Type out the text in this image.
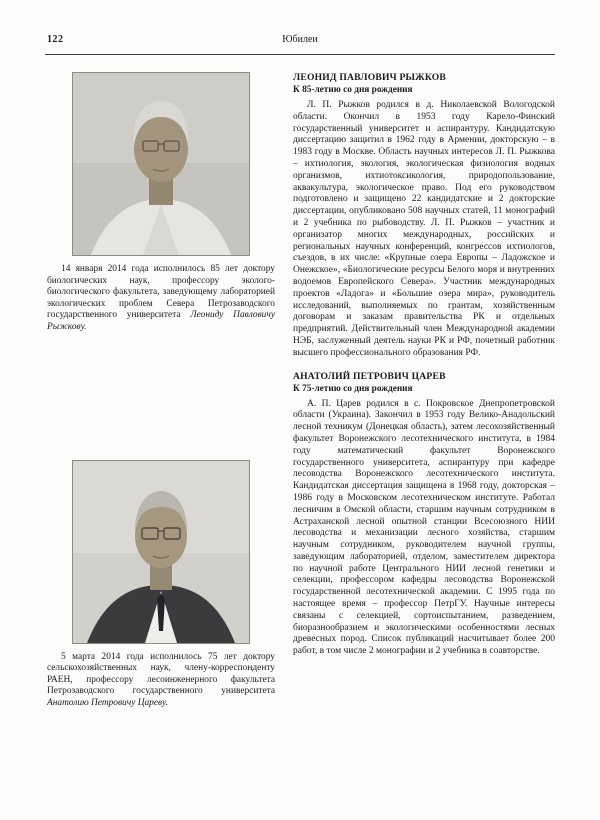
122	Юбилеи

14 января 2014 года исполнилось 85 лет доктору биологических наук, профессору эколого-биологического факультета, заведующему лабораторией экологических проблем Севера Петрозаводского государственного университета Леониду Павловичу Рыжкову.

5 марта 2014 года исполнилось 75 лет доктору сельскохозяйственных наук, члену-корреспонденту РАЕН, профессору лесоинженерного факультета Петрозаводского государственного университета Анатолию Петровичу Цареву.

ЛЕОНИД ПАВЛОВИЧ РЫЖКОВ
К 85-летию со дня рождения

Л. П. Рыжков родился в д. Николаевской Вологодской области. Окончил в 1953 году Карело-Финский государственный университет и аспирантуру. Кандидатскую диссертацию защитил в 1962 году в Армении, докторскую – в 1983 году в Москве. Область научных интересов Л. П. Рыжкова – ихтиология, экология, экологическая физиология водных организмов, ихтиотоксикология, природопользование, аквакультура, экологическое право. Под его руководством подготовлено и защищено 22 кандидатские и 2 докторские диссертации, опубликовано 508 научных статей, 11 монографий и 2 учебника по рыбоводству. Л. П. Рыжков – участник и организатор многих международных, российских и региональных научных конференций, конгрессов ихтиологов, съездов, в их числе: «Крупные озера Европы – Ладожское и Онежское», «Биологические ресурсы Белого моря и внутренних водоемов Европейского Севера». Участник международных проектов «Ладога» и «Большие озера мира», руководитель исследований, выполняемых по грантам, хозяйственным договорам и заказам правительства РК и отдельных предприятий. Действительный член Международной академии НЭБ, заслуженный деятель науки РК и РФ, почетный работник высшего профессионального образования РФ.

АНАТОЛИЙ ПЕТРОВИЧ ЦАРЕВ
К 75-летию со дня рождения

А. П. Царев родился в с. Покровское Днепропетровской области (Украина). Закончил в 1953 году Велико-Анадольский лесной техникум (Донецкая область), затем лесохозяйственный факультет Воронежского лесотехнического института, в 1984 году математический факультет Воронежского государственного университета, аспирантуру при кафедре лесоводства Воронежского лесотехнического института. Кандидатская диссертация защищена в 1968 году, докторская – 1986 году в Московском лесотехническом институте. Работал лесничим в Омской области, старшим научным сотрудником в Астраханской лесной опытной станции Всесоюзного НИИ лесоводства и механизации лесного хозяйства, старшим научным сотрудником, руководителем научной группы, заведующим лабораторией, отделом, заместителем директора по научной работе Центрального НИИ лесной генетики и селекции, профессором кафедры лесоводства Воронежской государственной лесотехнической академии. С 1995 года по настоящее время – профессор ПетрГУ. Научные интересы связаны с селекцией, сортоиспытанием, разведением, биоразнообразием и экологическими особенностями лесных древесных пород. Список публикаций насчитывает более 200 работ, в том числе 2 монографии и 2 учебника в соавторстве.
